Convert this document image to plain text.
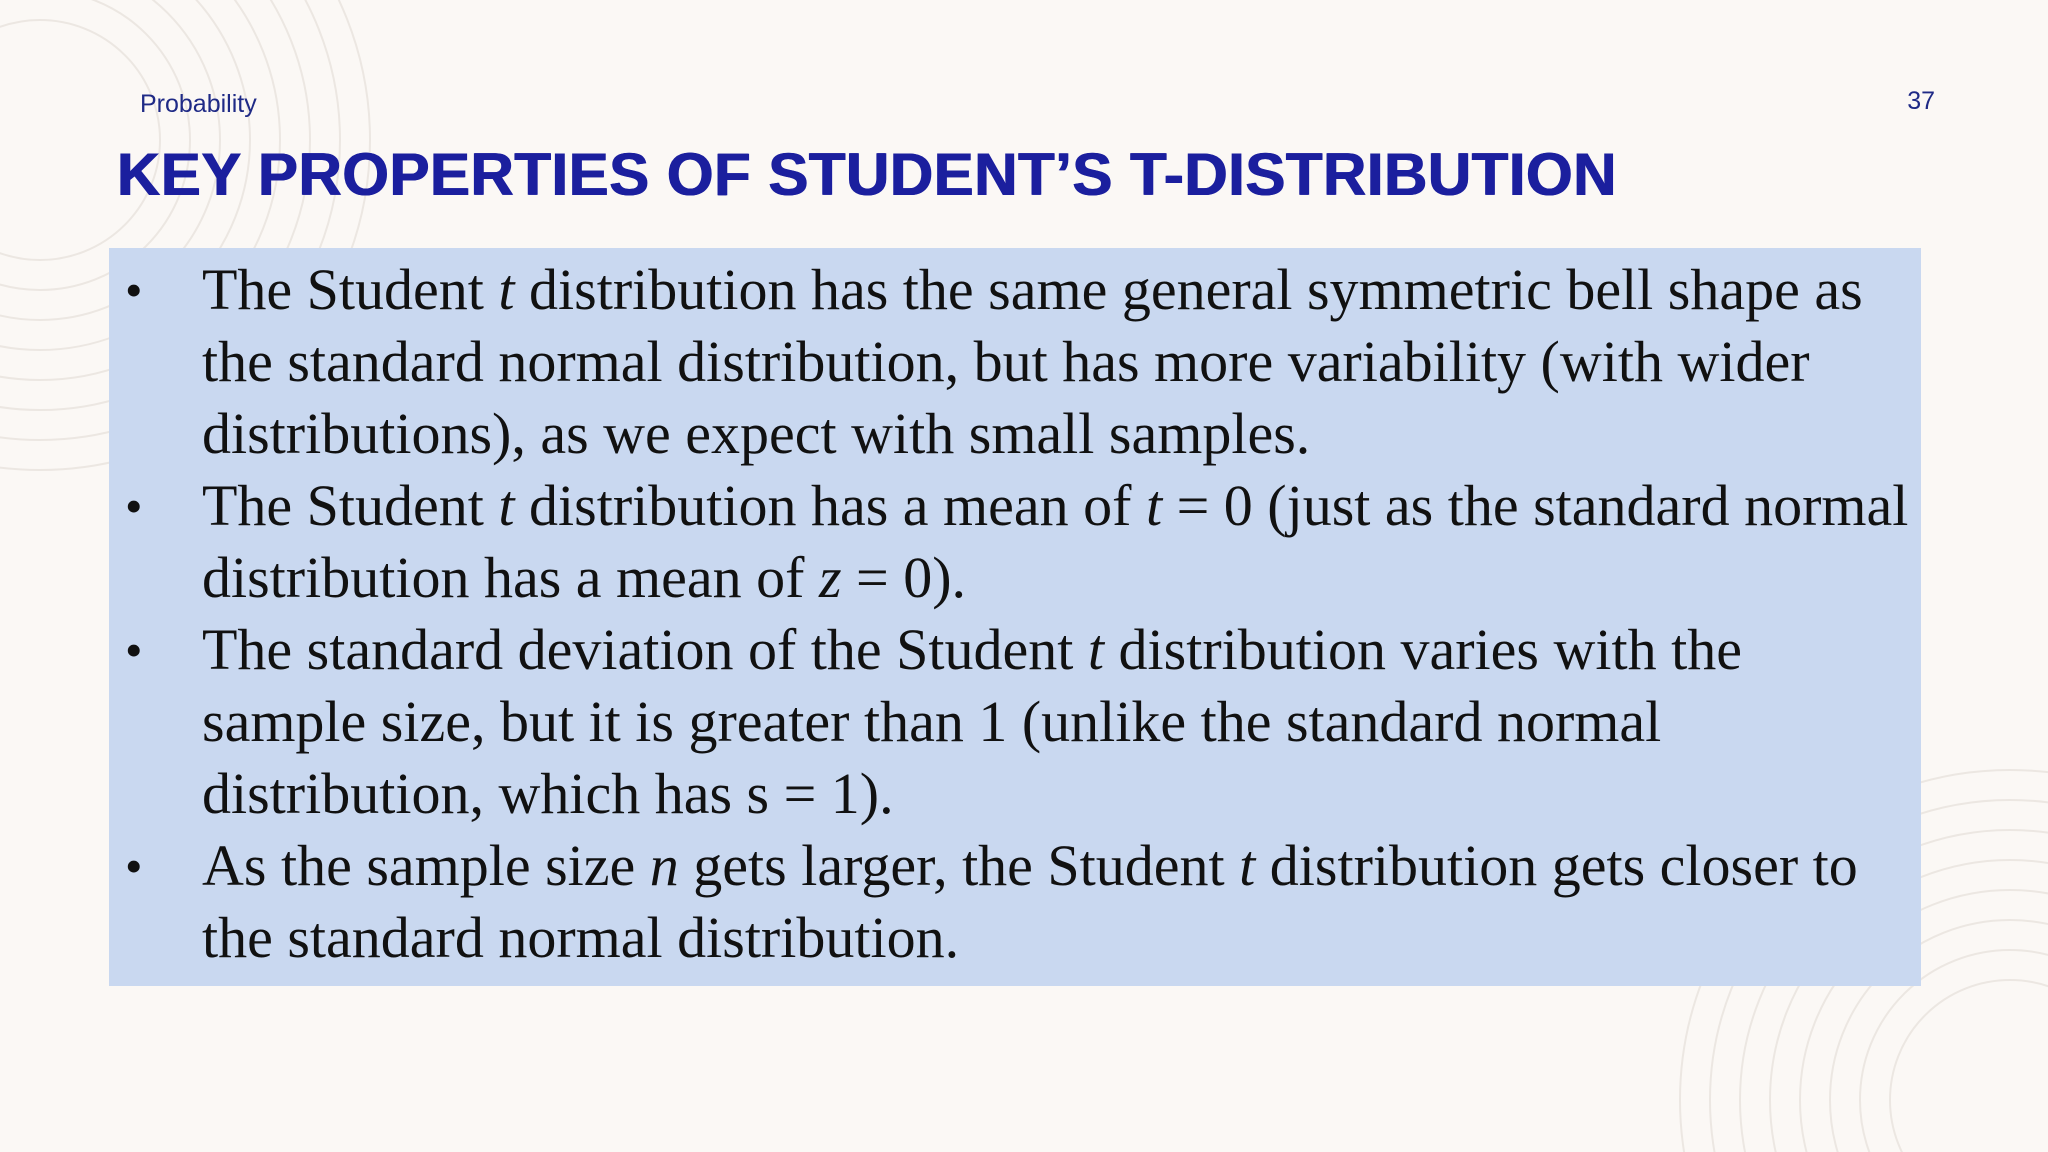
Probability	37
KEY PROPERTIES OF STUDENT’S T-DISTRIBUTION
• The Student t distribution has the same general symmetric bell shape as the standard normal distribution, but has more variability (with wider distributions), as we expect with small samples.
• The Student t distribution has a mean of t = 0 (just as the standard normal distribution has a mean of z = 0).
• The standard deviation of the Student t distribution varies with the sample size, but it is greater than 1 (unlike the standard normal distribution, which has s = 1).
• As the sample size n gets larger, the Student t distribution gets closer to the standard normal distribution.
